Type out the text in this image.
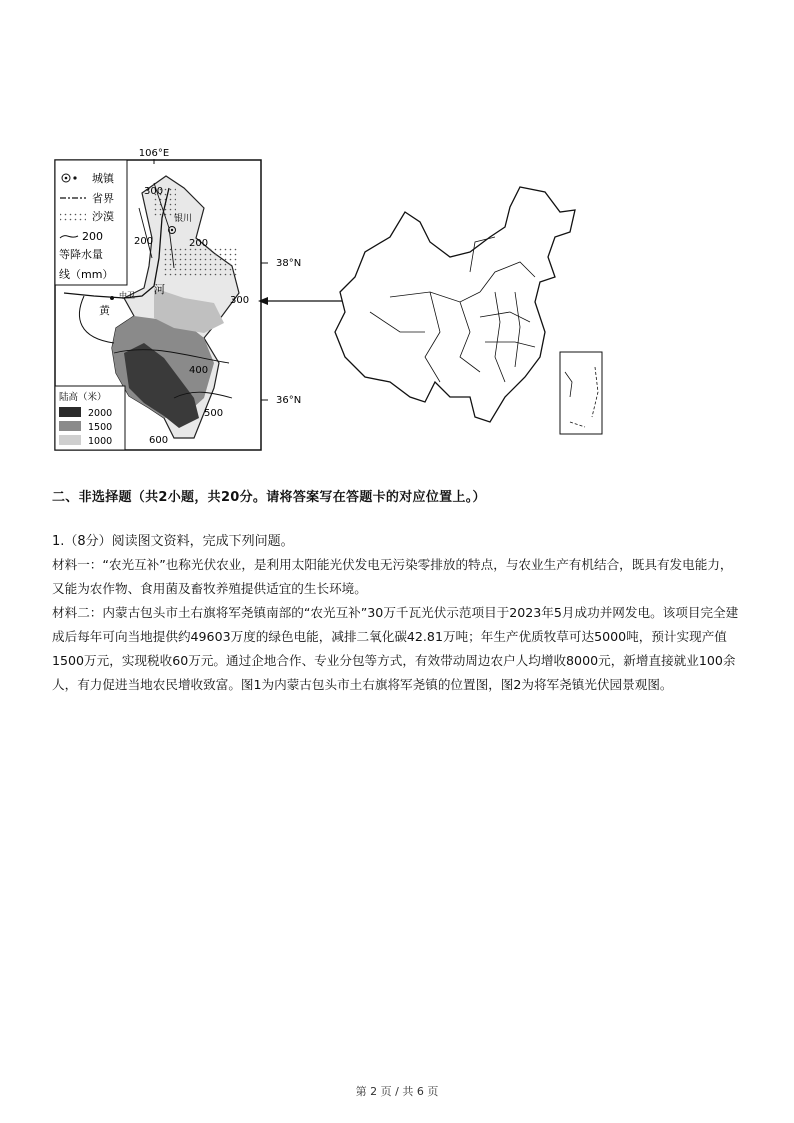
106°E
38°N
36°N
300
200	200
300
400
500
600
银川
中卫 河
黄
城镇
省界
沙漠
200
等降水量
线（mm）
陆高（米）
2000
1500
1000
二、非选择题（共2小题，共20分。请将答案写在答题卡的对应位置上。）
1.（8分）阅读图文资料，完成下列问题。
材料一：“农光互补”也称光伏农业，是利用太阳能光伏发电无污染零排放的特点，与农业生产有机结合，既具有发电能力，又能为农作物、食用菌及畜牧养殖提供适宜的生长环境。
材料二：内蒙古包头市土右旗将军尧镇南部的“农光互补”30万千瓦光伏示范项目于2023年5月成功并网发电。该项目完全建成后每年可向当地提供约49603万度的绿色电能，减排二氧化碳42.81万吨；年生产优质牧草可达5000吨，预计实现产值1500万元，实现税收60万元。通过企地合作、专业分包等方式，有效带动周边农户人均增收8000元，新增直接就业100余人，有力促进当地农民增收致富。图1为内蒙古包头市土右旗将军尧镇的位置图，图2为将军尧镇光伏园景观图。
第 2 页 / 共 6 页
